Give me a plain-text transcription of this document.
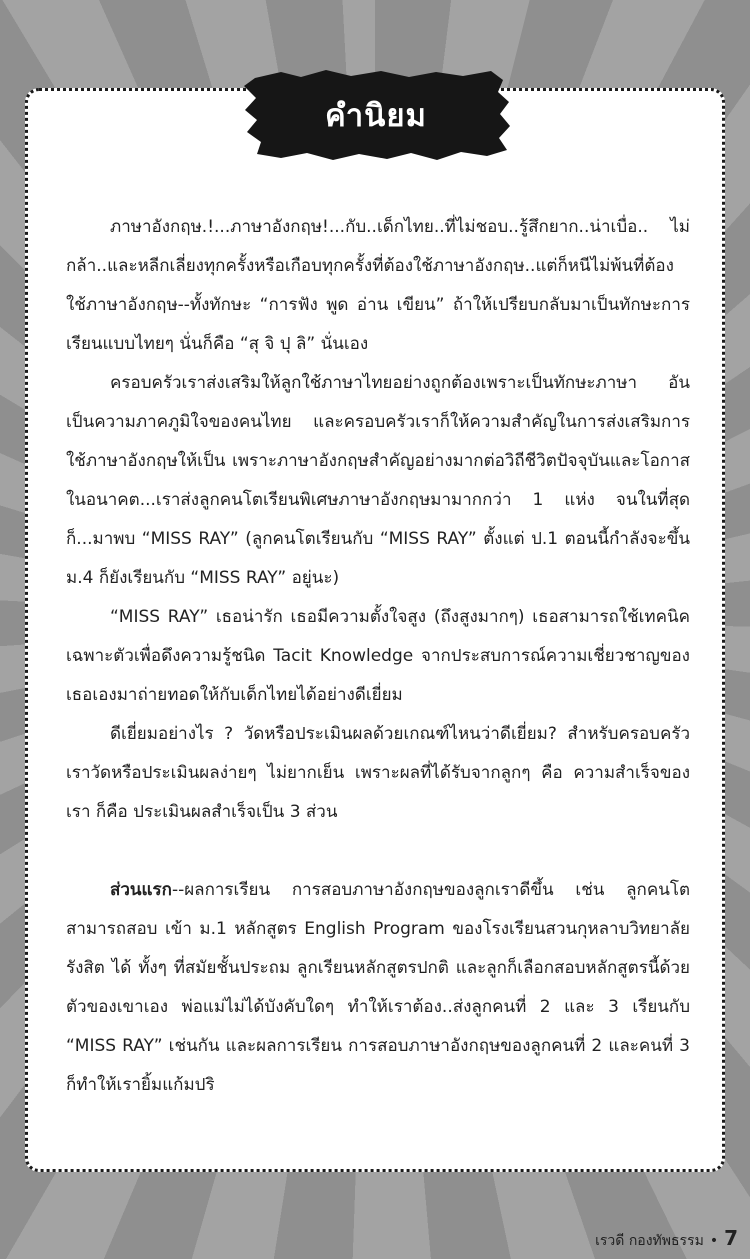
คำนิยม

ภาษาอังกฤษ.!...ภาษาอังกฤษ!...กับ..เด็กไทย..ที่ไม่ชอบ..รู้สึกยาก..น่าเบื่อ.. ไม่กล้า..และหลีกเลี่ยงทุกครั้งหรือเกือบทุกครั้งที่ต้องใช้ภาษาอังกฤษ..แต่ก็หนีไม่พ้นที่ต้องใช้ภาษาอังกฤษ--ทั้งทักษะ “การฟัง พูด อ่าน เขียน” ถ้าให้เปรียบกลับมาเป็นทักษะการเรียนแบบไทยๆ นั่นก็คือ “สุ จิ ปุ ลิ” นั่นเอง

ครอบครัวเราส่งเสริมให้ลูกใช้ภาษาไทยอย่างถูกต้องเพราะเป็นทักษะภาษา อันเป็นความภาคภูมิใจของคนไทย และครอบครัวเราก็ให้ความสำคัญในการส่งเสริมการใช้ภาษาอังกฤษให้เป็น เพราะภาษาอังกฤษสำคัญอย่างมากต่อวิถีชีวิตปัจจุบันและโอกาสในอนาคต...เราส่งลูกคนโตเรียนพิเศษภาษาอังกฤษมามากกว่า 1 แห่ง จนในที่สุดก็...มาพบ “MISS RAY” (ลูกคนโตเรียนกับ “MISS RAY” ตั้งแต่ ป.1 ตอนนี้กำลังจะขึ้น ม.4 ก็ยังเรียนกับ “MISS RAY” อยู่นะ)

“MISS RAY” เธอน่ารัก เธอมีความตั้งใจสูง (ถึงสูงมากๆ) เธอสามารถใช้เทคนิคเฉพาะตัวเพื่อดึงความรู้ชนิด Tacit Knowledge จากประสบการณ์ความเชี่ยวชาญของเธอเองมาถ่ายทอดให้กับเด็กไทยได้อย่างดีเยี่ยม

ดีเยี่ยมอย่างไร ? วัดหรือประเมินผลด้วยเกณฑ์ไหนว่าดีเยี่ยม? สำหรับครอบครัวเราวัดหรือประเมินผลง่ายๆ ไม่ยากเย็น เพราะผลที่ได้รับจากลูกๆ คือ ความสำเร็จของเรา ก็คือ ประเมินผลสำเร็จเป็น 3 ส่วน

ส่วนแรก--ผลการเรียน การสอบภาษาอังกฤษของลูกเราดีขึ้น เช่น ลูกคนโตสามารถสอบ เข้า ม.1 หลักสูตร English Program ของโรงเรียนสวนกุหลาบวิทยาลัยรังสิต ได้ ทั้งๆ ที่สมัยชั้นประถม ลูกเรียนหลักสูตรปกติ และลูกก็เลือกสอบหลักสูตรนี้ด้วยตัวของเขาเอง พ่อแม่ไม่ได้บังคับใดๆ ทำให้เราต้อง..ส่งลูกคนที่ 2 และ 3 เรียนกับ “MISS RAY” เช่นกัน และผลการเรียน การสอบภาษาอังกฤษของลูกคนที่ 2 และคนที่ 3 ก็ทำให้เรายิ้มแก้มปริ

เรวดี กองทัพธรรม • 7
